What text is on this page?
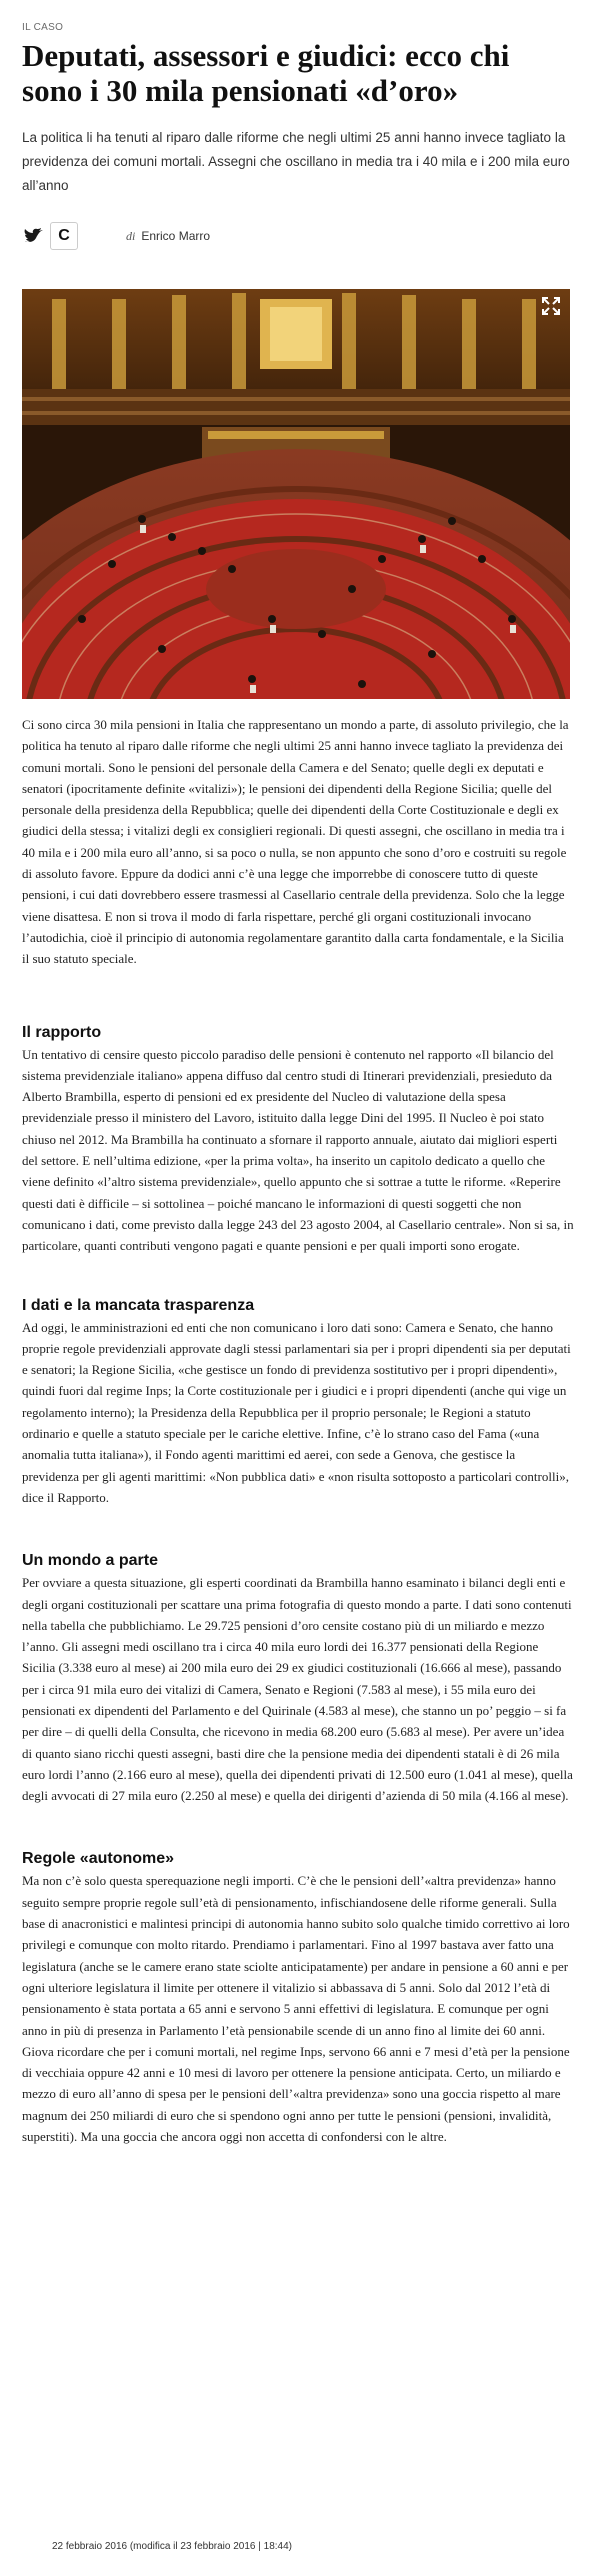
IL CASO
Deputati, assessori e giudici: ecco chi sono i 30 mila pensionati «d’oro»

La politica li ha tenuti al riparo dalle riforme che negli ultimi 25 anni hanno invece tagliato la previdenza dei comuni mortali. Assegni che oscillano in media tra i 40 mila e i 200 mila euro all’anno

C	di Enrico Marro

Ci sono circa 30 mila pensioni in Italia che rappresentano un mondo a parte, di assoluto privilegio, che la politica ha tenuto al riparo dalle riforme che negli ultimi 25 anni hanno invece tagliato la previdenza dei comuni mortali. Sono le pensioni del personale della Camera e del Senato; quelle degli ex deputati e senatori (ipocritamente definite «vitalizi»); le pensioni dei dipendenti della Regione Sicilia; quelle del personale della presidenza della Repubblica; quelle dei dipendenti della Corte Costituzionale e degli ex giudici della stessa; i vitalizi degli ex consiglieri regionali. Di questi assegni, che oscillano in media tra i 40 mila e i 200 mila euro all’anno, si sa poco o nulla, se non appunto che sono d’oro e costruiti su regole di assoluto favore. Eppure da dodici anni c’è una legge che imporrebbe di conoscere tutto di queste pensioni, i cui dati dovrebbero essere trasmessi al Casellario centrale della previdenza. Solo che la legge viene disattesa. E non si trova il modo di farla rispettare, perché gli organi costituzionali invocano l’autodichia, cioè il principio di autonomia regolamentare garantito dalla carta fondamentale, e la Sicilia il suo statuto speciale.

Il rapporto

Un tentativo di censire questo piccolo paradiso delle pensioni è contenuto nel rapporto «Il bilancio del sistema previdenziale italiano» appena diffuso dal centro studi di Itinerari previdenziali, presieduto da Alberto Brambilla, esperto di pensioni ed ex presidente del Nucleo di valutazione della spesa previdenziale presso il ministero del Lavoro, istituito dalla legge Dini del 1995. Il Nucleo è poi stato chiuso nel 2012. Ma Brambilla ha continuato a sfornare il rapporto annuale, aiutato dai migliori esperti del settore. E nell’ultima edizione, «per la prima volta», ha inserito un capitolo dedicato a quello che viene definito «l’altro sistema previdenziale», quello appunto che si sottrae a tutte le riforme. «Reperire questi dati è difficile – si sottolinea – poiché mancano le informazioni di questi soggetti che non comunicano i dati, come previsto dalla legge 243 del 23 agosto 2004, al Casellario centrale». Non si sa, in particolare, quanti contributi vengono pagati e quante pensioni e per quali importi sono erogate.

I dati e la mancata trasparenza

Ad oggi, le amministrazioni ed enti che non comunicano i loro dati sono: Camera e Senato, che hanno proprie regole previdenziali approvate dagli stessi parlamentari sia per i propri dipendenti sia per deputati e senatori; la Regione Sicilia, «che gestisce un fondo di previdenza sostitutivo per i propri dipendenti», quindi fuori dal regime Inps; la Corte costituzionale per i giudici e i propri dipendenti (anche qui vige un regolamento interno); la Presidenza della Repubblica per il proprio personale; le Regioni a statuto ordinario e quelle a statuto speciale per le cariche elettive. Infine, c’è lo strano caso del Fama («una anomalia tutta italiana»), il Fondo agenti marittimi ed aerei, con sede a Genova, che gestisce la previdenza per gli agenti marittimi: «Non pubblica dati» e «non risulta sottoposto a particolari controlli», dice il Rapporto.

Un mondo a parte

Per ovviare a questa situazione, gli esperti coordinati da Brambilla hanno esaminato i bilanci degli enti e degli organi costituzionali per scattare una prima fotografia di questo mondo a parte. I dati sono contenuti nella tabella che pubblichiamo. Le 29.725 pensioni d’oro censite costano più di un miliardo e mezzo l’anno. Gli assegni medi oscillano tra i circa 40 mila euro lordi dei 16.377 pensionati della Regione Sicilia (3.338 euro al mese) ai 200 mila euro dei 29 ex giudici costituzionali (16.666 al mese), passando per i circa 91 mila euro dei vitalizi di Camera, Senato e Regioni (7.583 al mese), i 55 mila euro dei pensionati ex dipendenti del Parlamento e del Quirinale (4.583 al mese), che stanno un po’ peggio – si fa per dire – di quelli della Consulta, che ricevono in media 68.200 euro (5.683 al mese). Per avere un’idea di quanto siano ricchi questi assegni, basti dire che la pensione media dei dipendenti statali è di 26 mila euro lordi l’anno (2.166 euro al mese), quella dei dipendenti privati di 12.500 euro (1.041 al mese), quella degli avvocati di 27 mila euro (2.250 al mese) e quella dei dirigenti d’azienda di 50 mila (4.166 al mese).

Regole «autonome»

Ma non c’è solo questa sperequazione negli importi. C’è che le pensioni dell’«altra previdenza» hanno seguito sempre proprie regole sull’età di pensionamento, infischiandosene delle riforme generali. Sulla base di anacronistici e malintesi principi di autonomia hanno subito solo qualche timido correttivo ai loro privilegi e comunque con molto ritardo. Prendiamo i parlamentari. Fino al 1997 bastava aver fatto una legislatura (anche se le camere erano state sciolte anticipatamente) per andare in pensione a 60 anni e per ogni ulteriore legislatura il limite per ottenere il vitalizio si abbassava di 5 anni. Solo dal 2012 l’età di pensionamento è stata portata a 65 anni e servono 5 anni effettivi di legislatura. E comunque per ogni anno in più di presenza in Parlamento l’età pensionabile scende di un anno fino al limite dei 60 anni. Giova ricordare che per i comuni mortali, nel regime Inps, servono 66 anni e 7 mesi d’età per la pensione di vecchiaia oppure 42 anni e 10 mesi di lavoro per ottenere la pensione anticipata. Certo, un miliardo e mezzo di euro all’anno di spesa per le pensioni dell’«altra previdenza» sono una goccia rispetto al mare magnum dei 250 miliardi di euro che si spendono ogni anno per tutte le pensioni (pensioni, invalidità, superstiti). Ma una goccia che ancora oggi non accetta di confondersi con le altre.

22 febbraio 2016 (modifica il 23 febbraio 2016 | 18:44)
